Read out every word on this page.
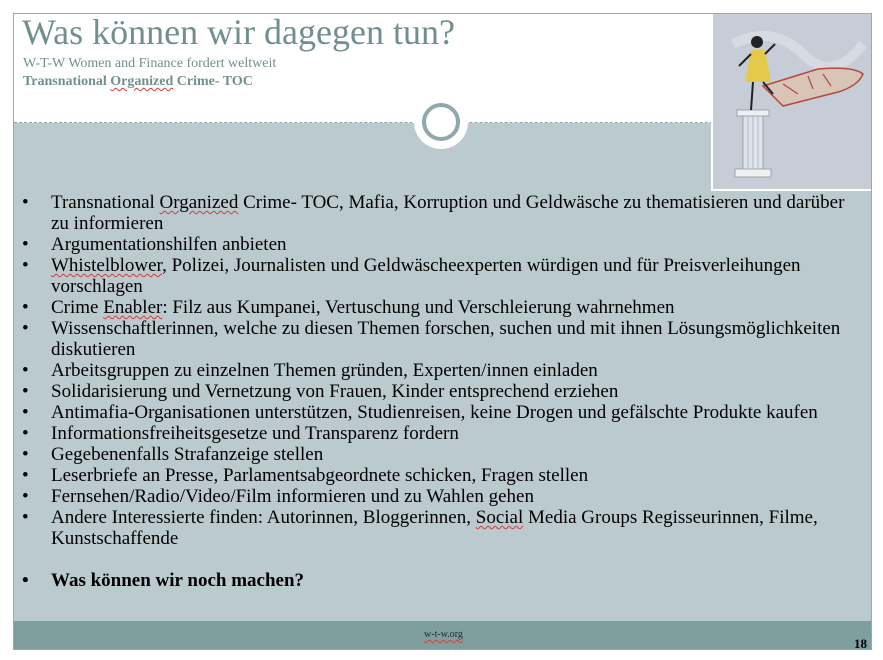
Was können wir dagegen tun?
W-T-W Women and Finance fordert weltweit
Transnational Organized Crime- TOC
• Transnational Organized Crime- TOC, Mafia, Korruption und Geldwäsche zu thematisieren und darüber zu informieren
• Argumentationshilfen anbieten
• Whistelblower, Polizei, Journalisten und Geldwäscheexperten würdigen und für Preisverleihungen vorschlagen
• Crime Enabler: Filz aus Kumpanei, Vertuschung und Verschleierung wahrnehmen
• Wissenschaftlerinnen, welche zu diesen Themen forschen, suchen und mit ihnen Lösungsmöglichkeiten diskutieren
• Arbeitsgruppen zu einzelnen Themen gründen, Experten/innen einladen
• Solidarisierung und Vernetzung von Frauen, Kinder entsprechend erziehen
• Antimafia-Organisationen unterstützen, Studienreisen, keine Drogen und gefälschte Produkte kaufen
• Informationsfreiheitsgesetze und Transparenz fordern
• Gegebenenfalls Strafanzeige stellen
• Leserbriefe an Presse, Parlamentsabgeordnete schicken, Fragen stellen
• Fernsehen/Radio/Video/Film informieren und zu Wahlen gehen
• Andere Interessierte finden: Autorinnen, Bloggerinnen, Social Media Groups Regisseurinnen, Filme, Kunstschaffende
• Was können wir noch machen?
w-t-w.org
18
